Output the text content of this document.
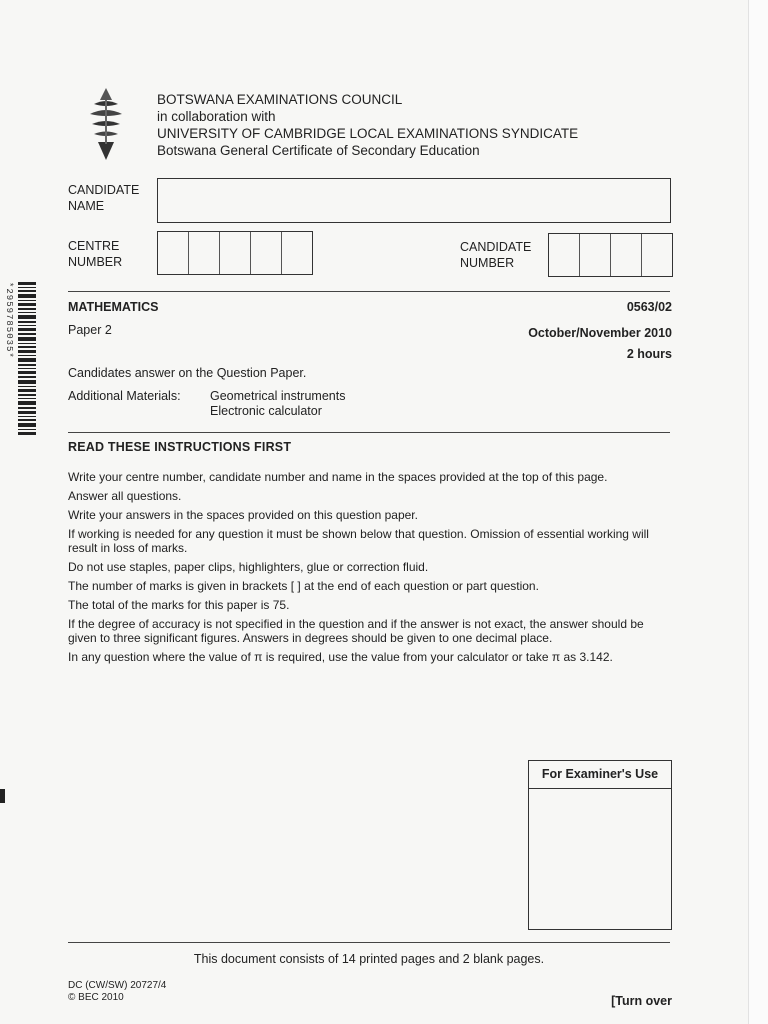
BOTSWANA EXAMINATIONS COUNCIL
in collaboration with
UNIVERSITY OF CAMBRIDGE LOCAL EXAMINATIONS SYNDICATE
Botswana General Certificate of Secondary Education
CANDIDATE NAME
CENTRE NUMBER
CANDIDATE NUMBER
MATHEMATICS
Paper 2
0563/02
October/November 2010
2 hours
Candidates answer on the Question Paper.
Additional Materials: Geometrical instruments
Electronic calculator
READ THESE INSTRUCTIONS FIRST

Write your centre number, candidate number and name in the spaces provided at the top of this page.

Answer all questions.

Write your answers in the spaces provided on this question paper.

If working is needed for any question it must be shown below that question. Omission of essential working will result in loss of marks.

Do not use staples, paper clips, highlighters, glue or correction fluid.

The number of marks is given in brackets [ ] at the end of each question or part question.

The total of the marks for this paper is 75.

If the degree of accuracy is not specified in the question and if the answer is not exact, the answer should be given to three significant figures. Answers in degrees should be given to one decimal place.

In any question where the value of π is required, use the value from your calculator or take π as 3.142.

For Examiner's Use
This document consists of 14 printed pages and 2 blank pages.
DC (CW/SW) 20727/4
© BEC 2010	[Turn over
*2959785035*
